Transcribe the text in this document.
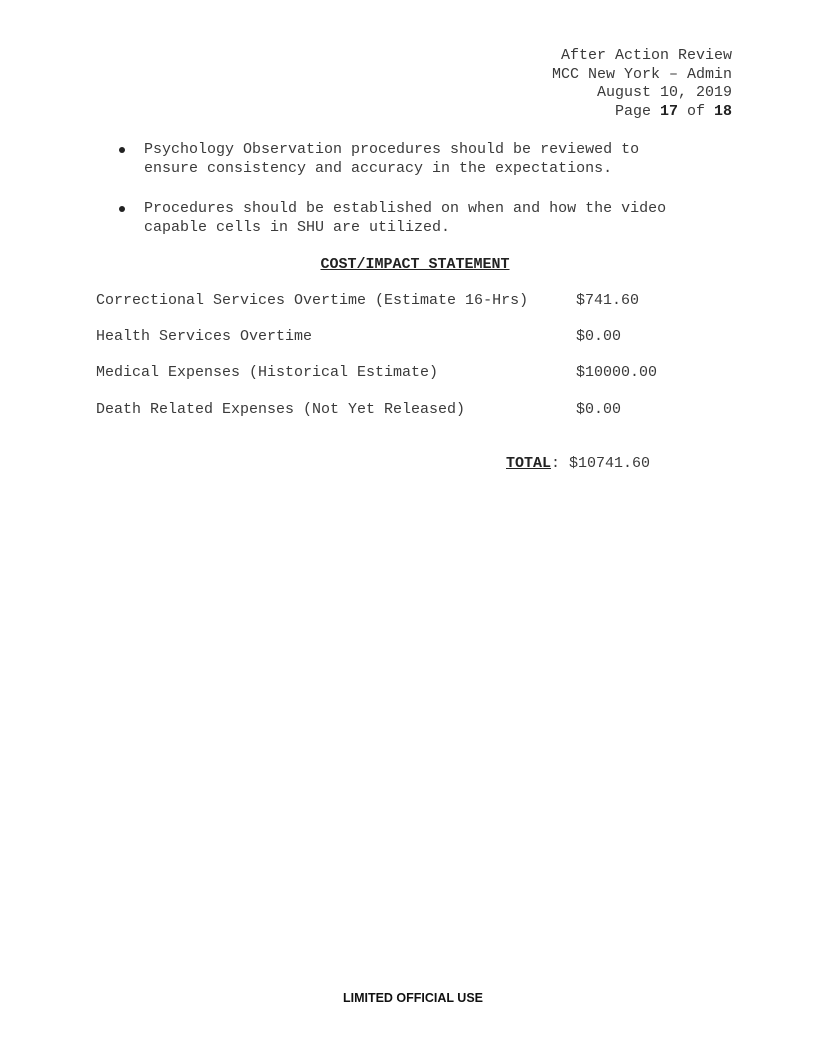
After Action Review
MCC New York – Admin
August 10, 2019
Page 17 of 18
Psychology Observation procedures should be reviewed to
ensure consistency and accuracy in the expectations.
Procedures should be established on when and how the video
capable cells in SHU are utilized.
COST/IMPACT STATEMENT
Correctional Services Overtime (Estimate 16-Hrs)	$741.60
Health Services Overtime	$0.00
Medical Expenses (Historical Estimate)	$10000.00
Death Related Expenses (Not Yet Released)	$0.00
TOTAL: $10741.60
LIMITED OFFICIAL USE
